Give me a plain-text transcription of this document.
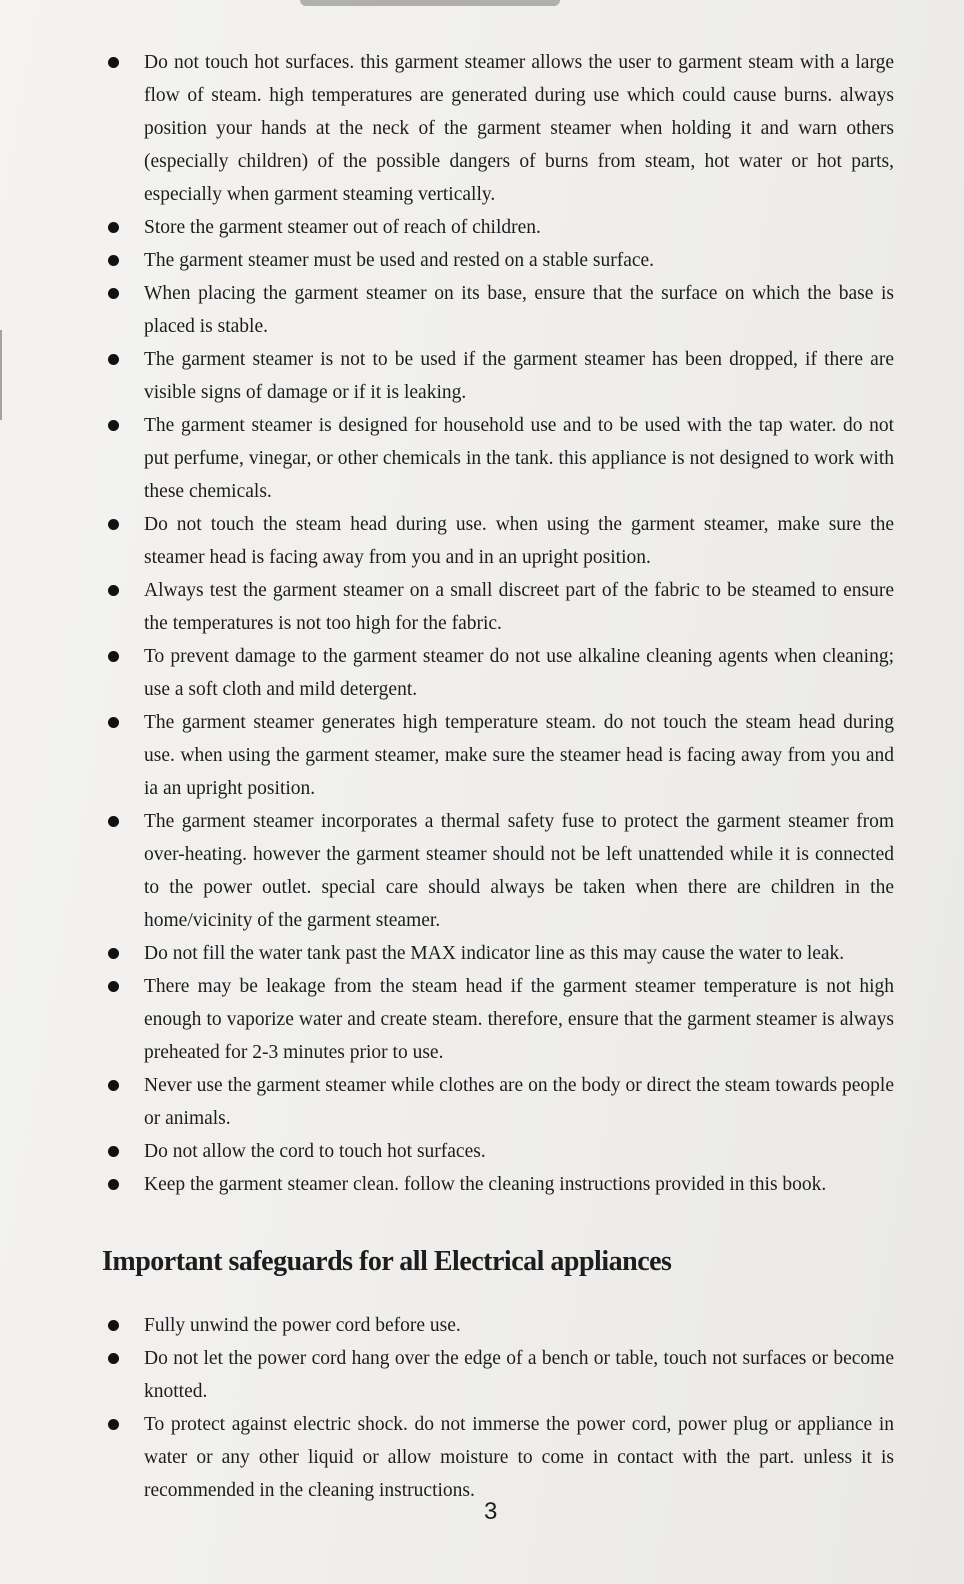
Do not touch hot surfaces. this garment steamer allows the user to garment steam with a large flow of steam. high temperatures are generated during use which could cause burns. always position your hands at the neck of the garment steamer when holding it and warn others (especially children) of the possible dangers of burns from steam, hot water or hot parts, especially when garment steaming vertically.
Store the garment steamer out of reach of children.
The garment steamer must be used and rested on a stable surface.
When placing the garment steamer on its base, ensure that the surface on which the base is placed is stable.
The garment steamer is not to be used if the garment steamer has been dropped, if there are visible signs of damage or if it is leaking.
The garment steamer is designed for household use and to be used with the tap water. do not put perfume, vinegar, or other chemicals in the tank. this appliance is not designed to work with these chemicals.
Do not touch the steam head during use. when using the garment steamer, make sure the steamer head is facing away from you and in an upright position.
Always test the garment steamer on a small discreet part of the fabric to be steamed to ensure the temperatures is not too high for the fabric.
To prevent damage to the garment steamer do not use alkaline cleaning agents when cleaning; use a soft cloth and mild detergent.
The garment steamer generates high temperature steam. do not touch the steam head during use. when using the garment steamer, make sure the steamer head is facing away from you and ia an upright position.
The garment steamer incorporates a thermal safety fuse to protect the garment steamer from over-heating. however the garment steamer should not be left unattended while it is connected to the power outlet. special care should always be taken when there are children in the home/vicinity of the garment steamer.
Do not fill the water tank past the MAX indicator line as this may cause the water to leak.
There may be leakage from the steam head if the garment steamer temperature is not high enough to vaporize water and create steam. therefore, ensure that the garment steamer is always preheated for 2-3 minutes prior to use.
Never use the garment steamer while clothes are on the body or direct the steam towards people or animals.
Do not allow the cord to touch hot surfaces.
Keep the garment steamer clean. follow the cleaning instructions provided in this book.
Important safeguards for all Electrical appliances
Fully unwind the power cord before use.
Do not let the power cord hang over the edge of a bench or table, touch not surfaces or become knotted.
To protect against electric shock. do not immerse the power cord, power plug or appliance in water or any other liquid or allow moisture to come in contact with the part. unless it is recommended in the cleaning instructions.
3
